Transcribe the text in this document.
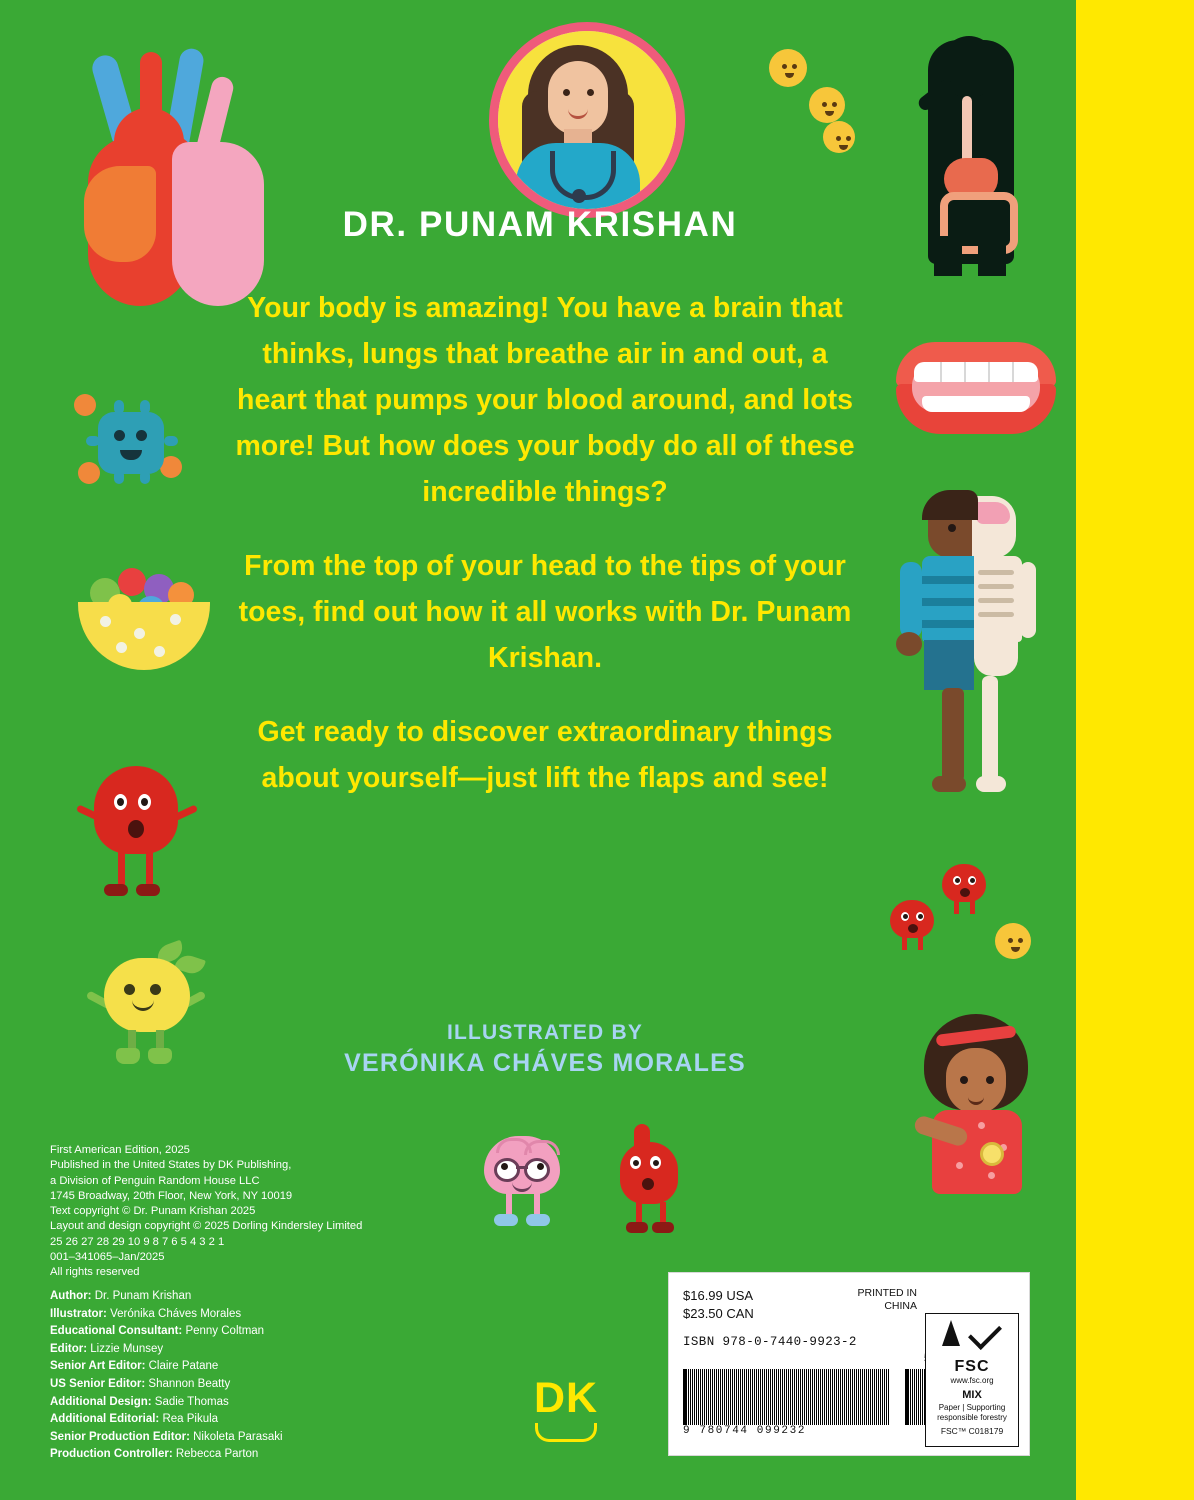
DR. PUNAM KRISHAN

Your body is amazing! You have a brain that thinks, lungs that breathe air in and out, a heart that pumps your blood around, and lots more! But how does your body do all of these incredible things?

From the top of your head to the tips of your toes, find out how it all works with Dr. Punam Krishan.

Get ready to discover extraordinary things about yourself—just lift the flaps and see!

ILLUSTRATED BY
VERÓNIKA CHÁVES MORALES
First American Edition, 2025
Published in the United States by DK Publishing,
a Division of Penguin Random House LLC
1745 Broadway, 20th Floor, New York, NY 10019
Text copyright © Dr. Punam Krishan 2025
Layout and design copyright © 2025 Dorling Kindersley Limited
25 26 27 28 29 10 9 8 7 6 5 4 3 2 1
001–341065–Jan/2025
All rights reserved
Author: Dr. Punam Krishan
Illustrator: Verónika Cháves Morales
Educational Consultant: Penny Coltman
Editor: Lizzie Munsey
Senior Art Editor: Claire Patane
US Senior Editor: Shannon Beatty
Additional Design: Sadie Thomas
Additional Editorial: Rea Pikula
Senior Production Editor: Nikoleta Parasaki
Production Controller: Rebecca Parton
DK
$16.99 USA
$23.50 CAN
PRINTED IN CHINA
ISBN 978-0-7440-9923-2
9 780744 099232
FSC
www.fsc.org
MIX
Paper | Supporting responsible forestry
FSC™ C018179
